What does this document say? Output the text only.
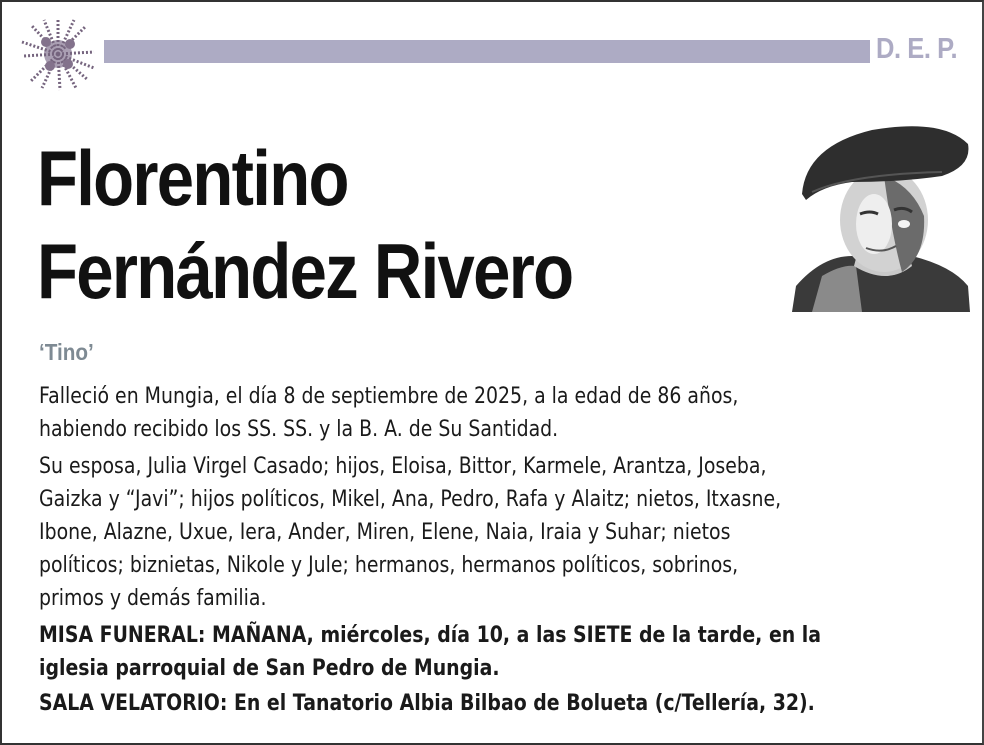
D. E. P.
Florentino
Fernández Rivero
‘Tino’

Falleció en Mungia, el día 8 de septiembre de 2025, a la edad de 86 años,
habiendo recibido los SS. SS. y la B. A. de Su Santidad.

Su esposa, Julia Virgel Casado; hijos, Eloisa, Bittor, Karmele, Arantza, Joseba,
Gaizka y “Javi”; hijos políticos, Mikel, Ana, Pedro, Rafa y Alaitz; nietos, Itxasne,
Ibone, Alazne, Uxue, Iera, Ander, Miren, Elene, Naia, Iraia y Suhar; nietos
políticos; biznietas, Nikole y Jule; hermanos, hermanos políticos, sobrinos,
primos y demás familia.

MISA FUNERAL: MAÑANA, miércoles, día 10, a las SIETE de la tarde, en la
iglesia parroquial de San Pedro de Mungia.

SALA VELATORIO: En el Tanatorio Albia Bilbao de Bolueta (c/Tellería, 32).
